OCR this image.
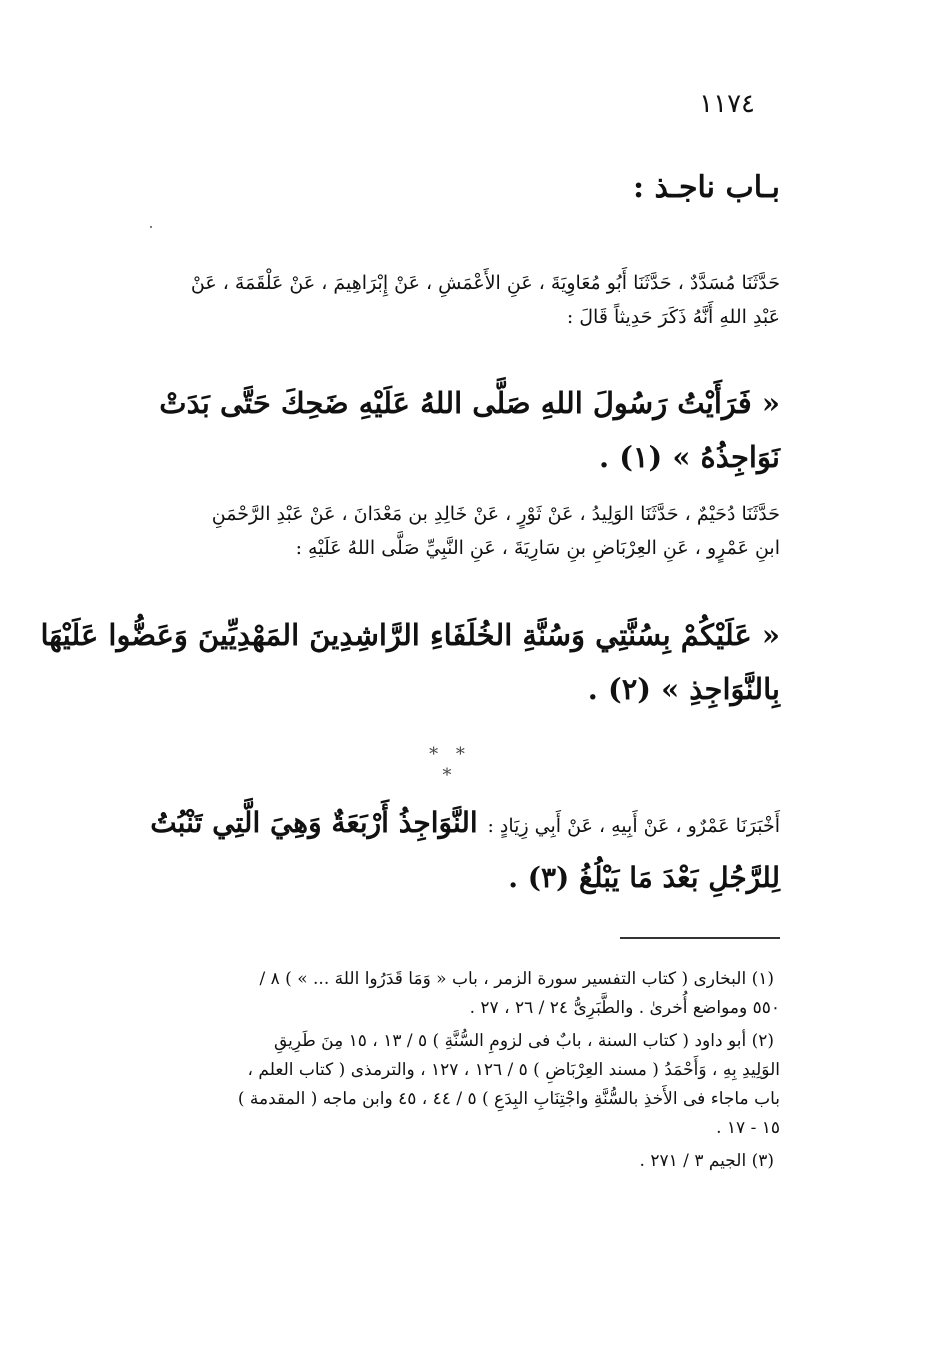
١١٧٤
بـاب ناجـذ :
حَدَّثَنَا مُسَدَّدٌ ، حَدَّثَنَا أَبُو مُعَاوِيَةَ ، عَنِ الأَعْمَشِ ، عَنْ إِبْرَاهِيمَ ، عَنْ عَلْقَمَةَ ، عَنْ
عَبْدِ اللهِ أَنَّهُ ذَكَرَ حَدِيثاً قَالَ :
« فَرَأَيْتُ رَسُولَ اللهِ صَلَّى اللهُ عَلَيْهِ ضَحِكَ حَتَّى بَدَتْ
نَوَاجِذُهُ » (١) .
حَدَّثَنَا دُحَيْمٌ ، حَدَّثَنَا الوَلِيدُ ، عَنْ ثَوْرٍ ، عَنْ خَالِدِ بن مَعْدَانَ ، عَنْ عَبْدِ الرَّحْمَنِ
ابنِ عَمْرٍو ، عَنِ العِرْبَاضِ بنِ سَارِيَةَ ، عَنِ النَّبِيِّ صَلَّى اللهُ عَلَيْهِ :
« عَلَيْكُمْ بِسُنَّتِي وَسُنَّةِ الخُلَفَاءِ الرَّاشِدِينَ المَهْدِيِّينَ وَعَضُّوا عَلَيْهَا
بِالنَّوَاجِذِ » (٢) .
* * *
أَخْبَرَنَا عَمْرٌو ، عَنْ أَبِيهِ ، عَنْ أَبِي زِيَادٍ : النَّوَاجِذُ أَرْبَعَةٌ وَهِيَ الَّتِي تَنْبُتُ
لِلرَّجُلِ بَعْدَ مَا يَبْلُغُ (٣) .
(١) البخارى ( كتاب التفسير سورة الزمر ، باب « وَمَا قَدَرُوا اللهَ ... » ) ٨ /
٥٥٠ ومواضع أُخرىٰ . والطَّبَرِىُّ ٢٤ / ٢٦ ، ٢٧ .
(٢) أبو داود ( كتاب السنة ، بابٌ فى لزومِ السُّنَّةِ ) ٥ / ١٣ ، ١٥ مِنَ طَرِيقِ
الوَلِيدِ بِهِ ، وَأَحْمَدُ ( مسند العِرْبَاضِ ) ٥ / ١٢٦ ، ١٢٧ ، والترمذى ( كتاب العلم ،
باب ماجاء فى الأَخذِ بالسُّنَّةِ واجْتِنَابِ البِدَعِ ) ٥ / ٤٤ ، ٤٥ وابن ماجه ( المقدمة )
١٥ - ١٧ .
(٣) الجيم ٣ / ٢٧١ .
